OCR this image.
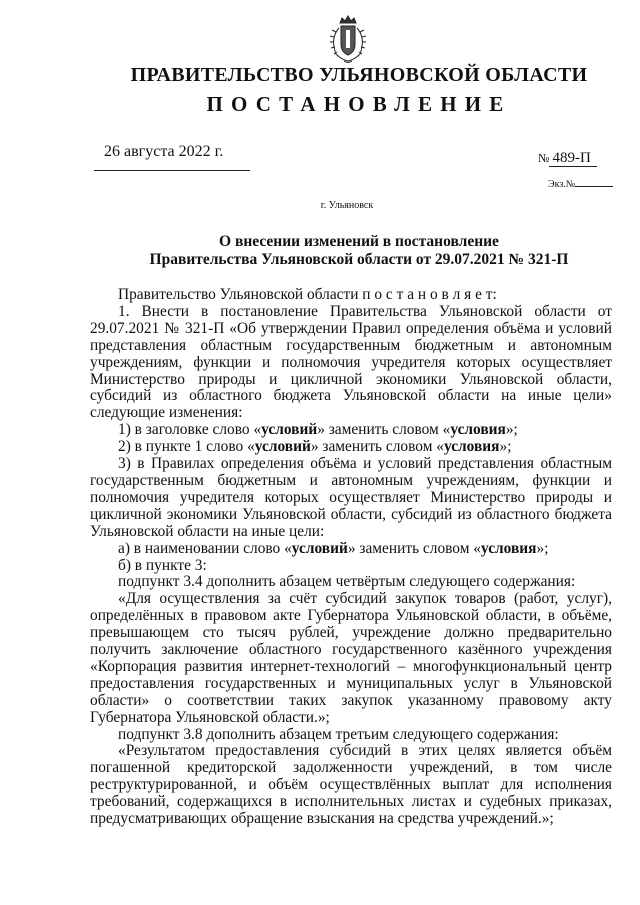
ПРАВИТЕЛЬСТВО УЛЬЯНОВСКОЙ ОБЛАСТИ
ПОСТАНОВЛЕНИЕ
26 августа 2022 г.	№ 489-П
Экз.№
г. Ульяновск
О внесении изменений в постановление
Правительства Ульяновской области от 29.07.2021 № 321-П

Правительство Ульяновской области п о с т а н о в л я е т:

1. Внести в постановление Правительства Ульяновской области от 29.07.2021 № 321-П «Об утверждении Правил определения объёма и условий представления областным государственным бюджетным и автономным учреждениям, функции и полномочия учредителя которых осуществляет Министерство природы и цикличной экономики Ульяновской области, субсидий из областного бюджета Ульяновской области на иные цели» следующие изменения:

1) в заголовке слово «условий» заменить словом «условия»;

2) в пункте 1 слово «условий» заменить словом «условия»;

3) в Правилах определения объёма и условий представления областным государственным бюджетным и автономным учреждениям, функции и полномочия учредителя которых осуществляет Министерство природы и цикличной экономики Ульяновской области, субсидий из областного бюджета Ульяновской области на иные цели:

а) в наименовании слово «условий» заменить словом «условия»;

б) в пункте 3:

подпункт 3.4 дополнить абзацем четвёртым следующего содержания:

«Для осуществления за счёт субсидий закупок товаров (работ, услуг), определённых в правовом акте Губернатора Ульяновской области, в объёме, превышающем сто тысяч рублей, учреждение должно предварительно получить заключение областного государственного казённого учреждения «Корпорация развития интернет-технологий – многофункциональный центр предоставления государственных и муниципальных услуг в Ульяновской области» о соответствии таких закупок указанному правовому акту Губернатора Ульяновской области.»;

подпункт 3.8 дополнить абзацем третьим следующего содержания:

«Результатом предоставления субсидий в этих целях является объём погашенной кредиторской задолженности учреждений, в том числе реструктурированной, и объём осуществлённых выплат для исполнения требований, содержащихся в исполнительных листах и судебных приказах, предусматривающих обращение взыскания на средства учреждений.»;
